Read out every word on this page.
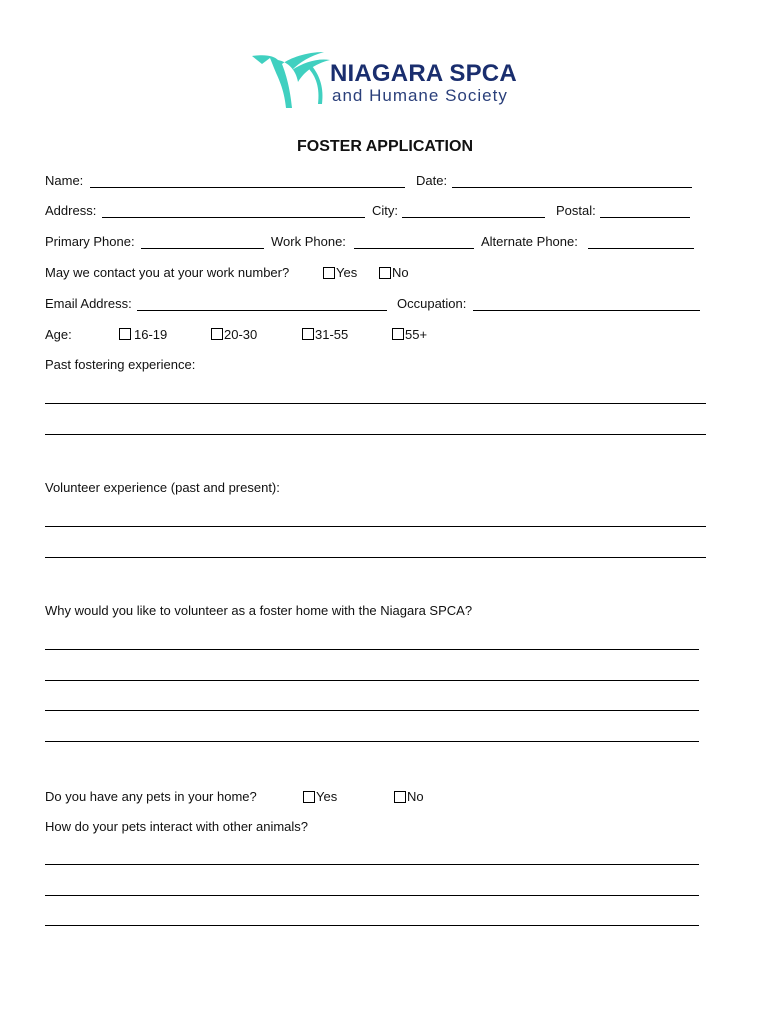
NIAGARA SPCA
and Humane Society
FOSTER APPLICATION
Name:	Date:
Address:	City:	Postal:
Primary Phone:	Work Phone:	Alternate Phone:
May we contact you at your work number?	Yes	No
Email Address:	Occupation:
Age:	16-19	20-30	31-55	55+
Past fostering experience:
Volunteer experience (past and present):
Why would you like to volunteer as a foster home with the Niagara SPCA?
Do you have any pets in your home?	Yes	No
How do your pets interact with other animals?
